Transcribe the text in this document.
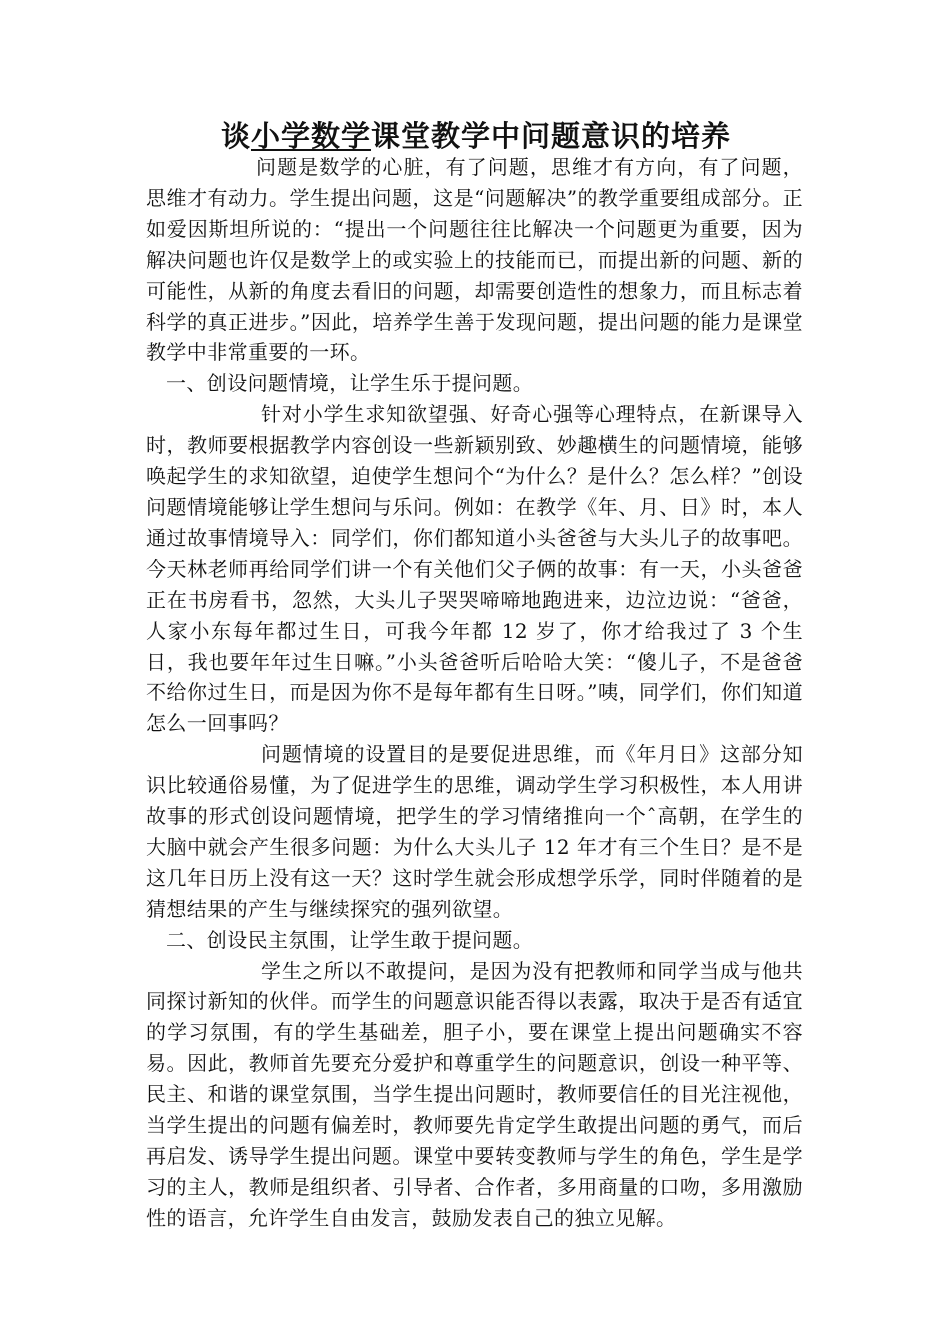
谈小学数学课堂教学中问题意识的培养

问题是数学的心脏，有了问题，思维才有方向，有了问题，思维才有动力。学生提出问题，这是“问题解决”的教学重要组成部分。正如爱因斯坦所说的：“提出一个问题往往比解决一个问题更为重要，因为解决问题也许仅是数学上的或实验上的技能而已，而提出新的问题、新的可能性，从新的角度去看旧的问题，却需要创造性的想象力，而且标志着科学的真正进步。”因此，培养学生善于发现问题，提出问题的能力是课堂教学中非常重要的一环。

一、创设问题情境，让学生乐于提问题。

针对小学生求知欲望强、好奇心强等心理特点，在新课导入时，教师要根据教学内容创设一些新颖别致、妙趣横生的问题情境，能够唤起学生的求知欲望，迫使学生想问个“为什么？是什么？怎么样？”创设问题情境能够让学生想问与乐问。例如：在教学《年、月、日》时，本人通过故事情境导入：同学们，你们都知道小头爸爸与大头儿子的故事吧。今天林老师再给同学们讲一个有关他们父子俩的故事：有一天，小头爸爸正在书房看书，忽然，大头儿子哭哭啼啼地跑进来，边泣边说：“爸爸，人家小东每年都过生日，可我今年都 12 岁了，你才给我过了 3 个生日，我也要年年过生日嘛。”小头爸爸听后哈哈大笑：“傻儿子，不是爸爸不给你过生日，而是因为你不是每年都有生日呀。”咦，同学们，你们知道怎么一回事吗？

问题情境的设置目的是要促进思维，而《年月日》这部分知识比较通俗易懂，为了促进学生的思维，调动学生学习积极性，本人用讲故事的形式创设问题情境，把学生的学习情绪推向一个ˆ高朝，在学生的大脑中就会产生很多问题：为什么大头儿子 12 年才有三个生日？是不是这几年日历上没有这一天？这时学生就会形成想学乐学，同时伴随着的是猜想结果的产生与继续探究的强列欲望。

二、创设民主氛围，让学生敢于提问题。

学生之所以不敢提问，是因为没有把教师和同学当成与他共同探讨新知的伙伴。而学生的问题意识能否得以表露，取决于是否有适宜的学习氛围，有的学生基础差，胆子小，要在课堂上提出问题确实不容易。因此，教师首先要充分爱护和尊重学生的问题意识，创设一种平等、民主、和谐的课堂氛围，当学生提出问题时，教师要信任的目光注视他，当学生提出的问题有偏差时，教师要先肯定学生敢提出问题的勇气，而后再启发、诱导学生提出问题。课堂中要转变教师与学生的角色，学生是学习的主人，教师是组织者、引导者、合作者，多用商量的口吻，多用激励性的语言，允许学生自由发言，鼓励发表自己的独立见解。
